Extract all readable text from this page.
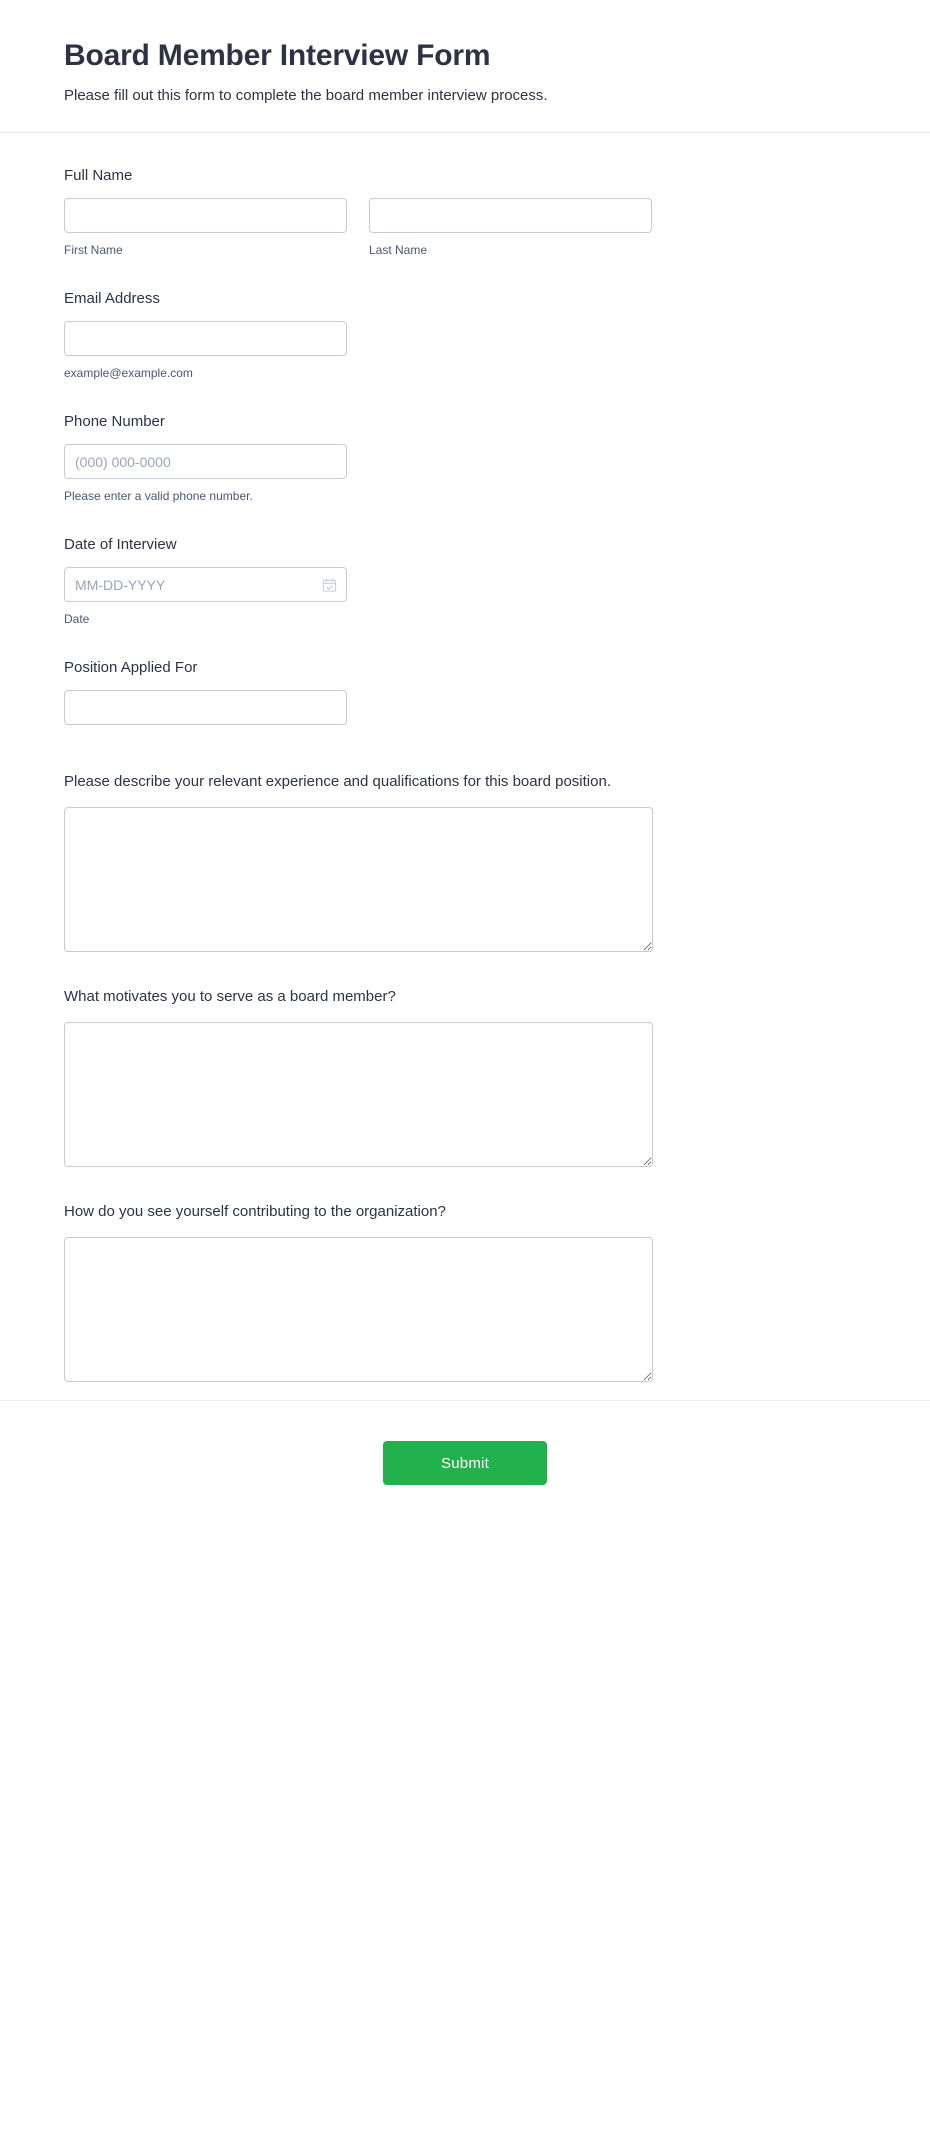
Board Member Interview Form

Please fill out this form to complete the board member interview process.

Full Name
First Name	Last Name
Email Address
example@example.com
Phone Number
(000) 000-0000
Please enter a valid phone number.
Date of Interview
MM-DD-YYYY
Date
Position Applied For
Please describe your relevant experience and qualifications for this board position.
What motivates you to serve as a board member?
How do you see yourself contributing to the organization?
Submit
